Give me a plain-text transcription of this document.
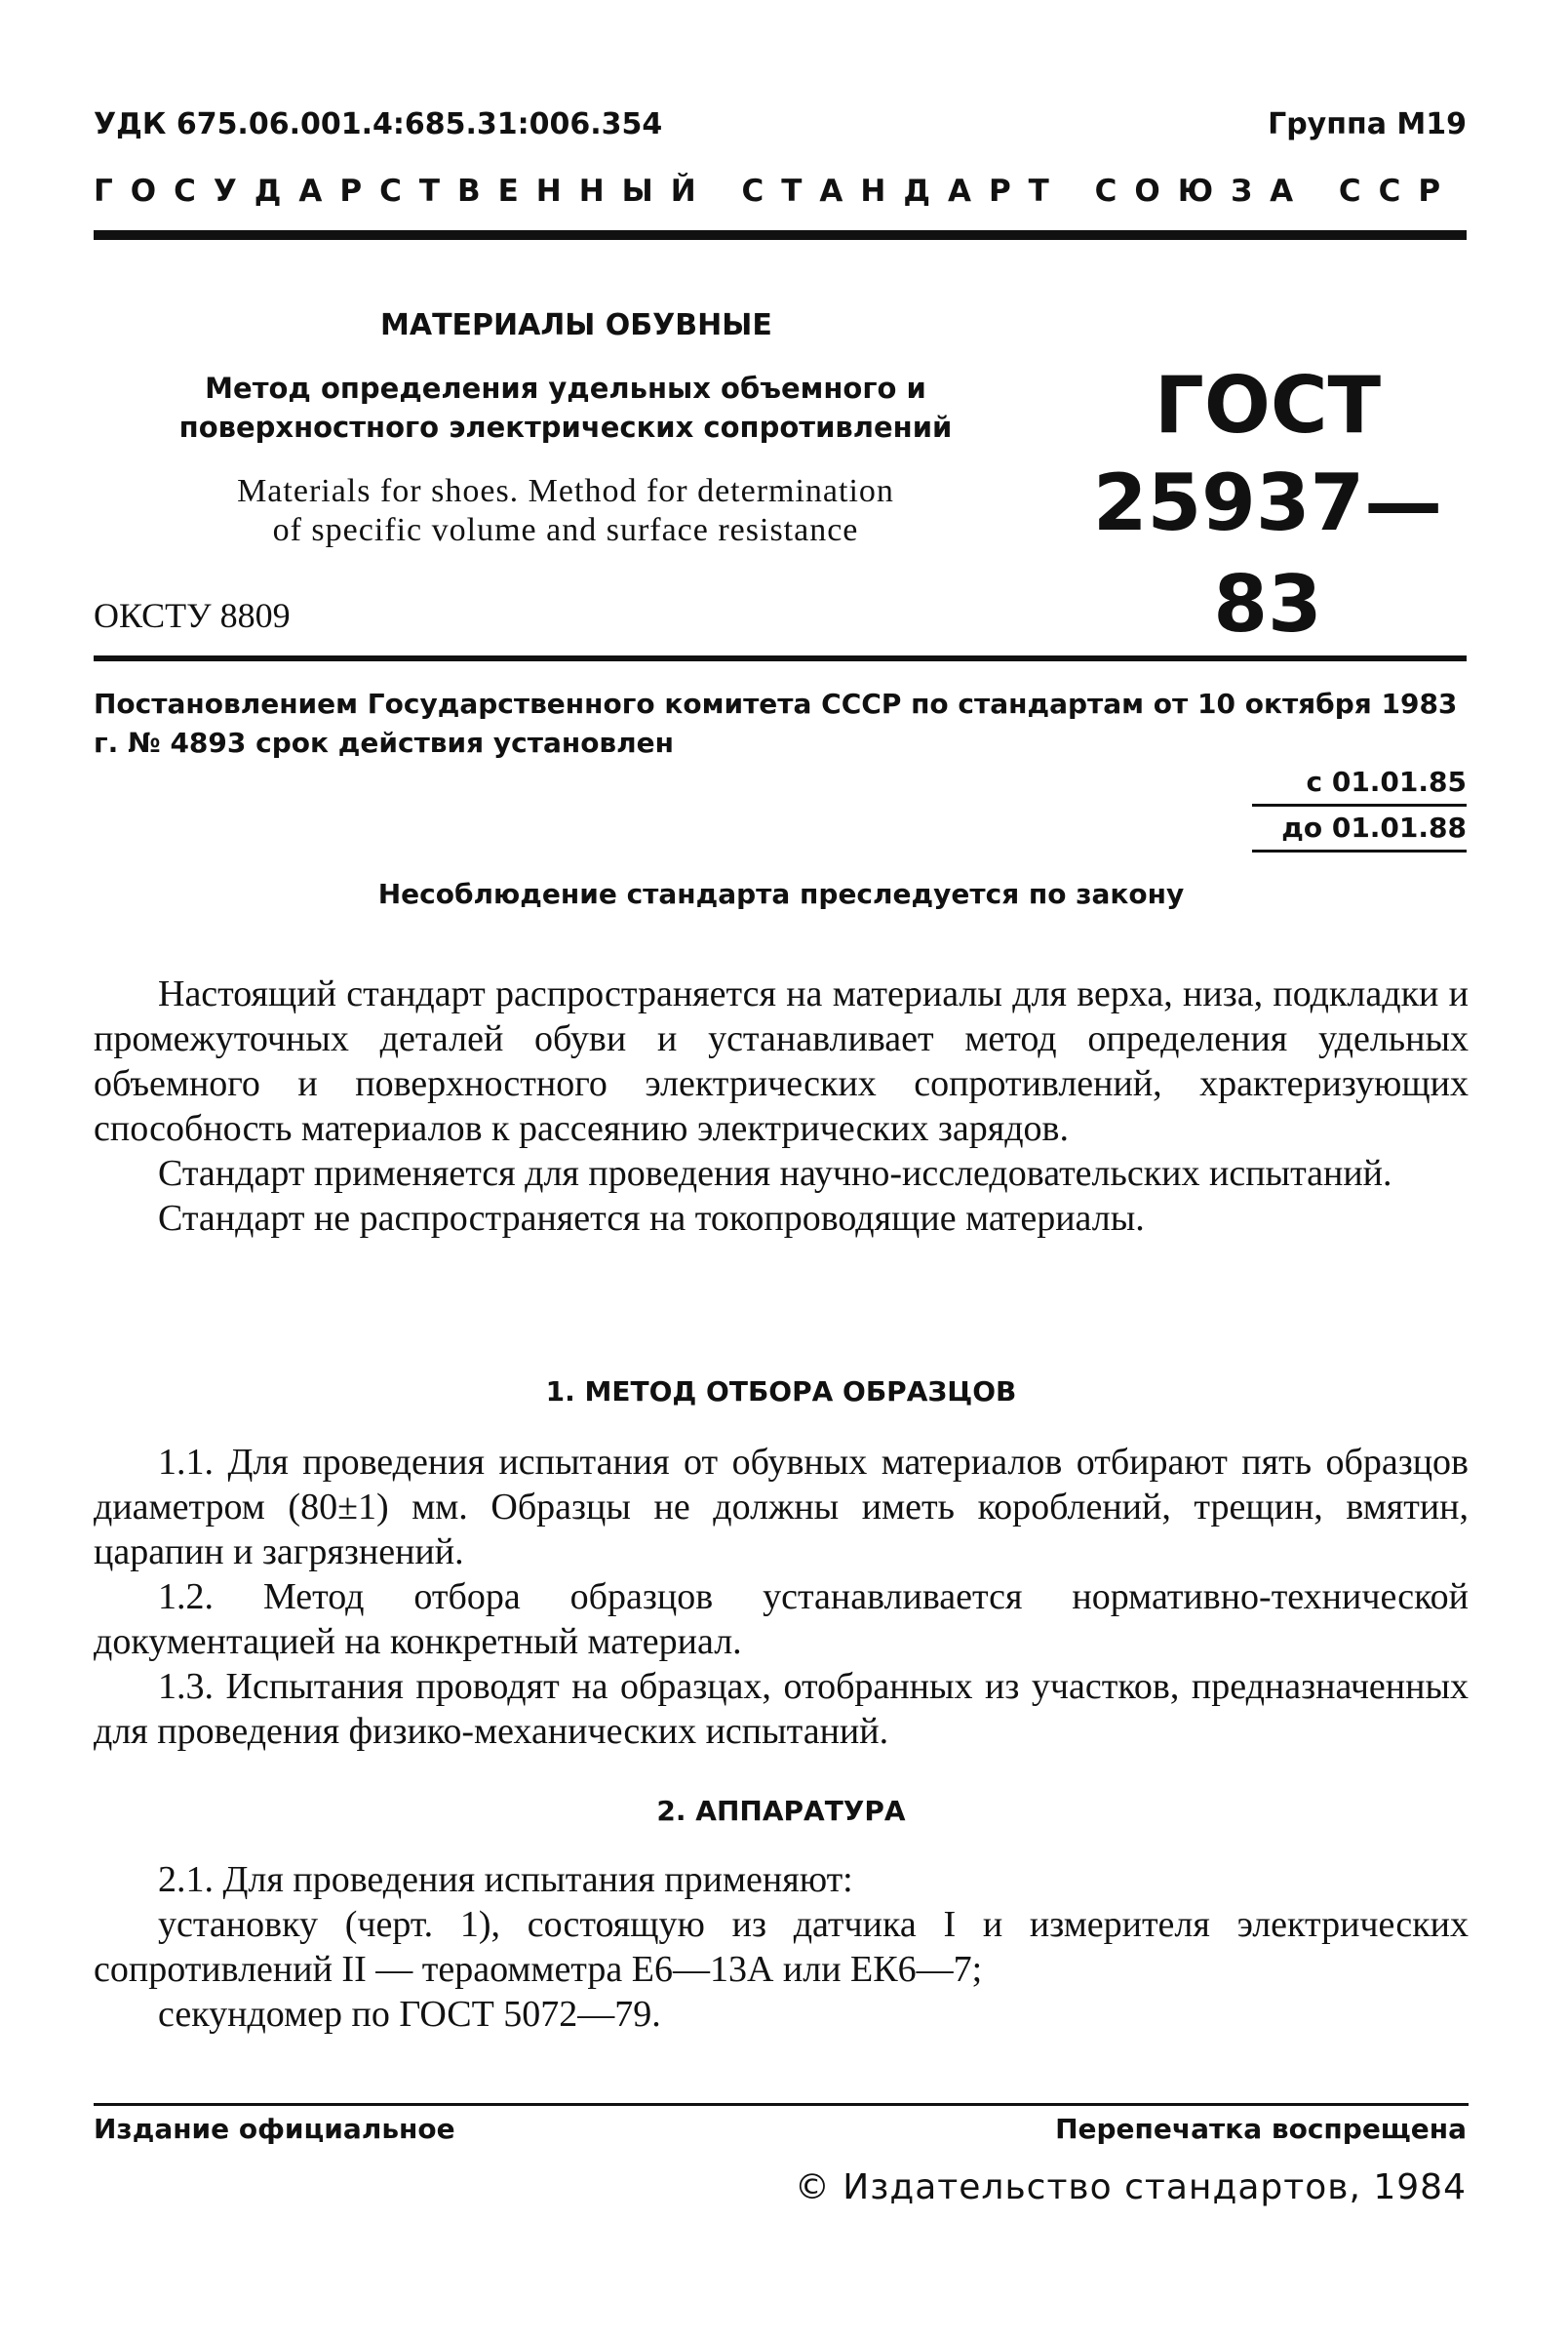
УДК 675.06.001.4:685.31:006.354	Группа М19
ГОСУДАРСТВЕННЫЙ СТАНДАРТ СОЮЗА ССР
МАТЕРИАЛЫ ОБУВНЫЕ
Метод определения удельных объемного и
поверхностного электрических сопротивлений
Materials for shoes. Method for determination
of specific volume and surface resistance
ГОСТ
25937—83
ОКСТУ 8809
Постановлением Государственного комитета СССР по стандартам от 10 октября 1983 г. № 4893 срок действия установлен
с 01.01.85
до 01.01.88
Несоблюдение стандарта преследуется по закону

Настоящий стандарт распространяется на материалы для верха, низа, подкладки и промежуточных деталей обуви и устанавливает метод определения удельных объемного и поверхностного электрических сопротивлений, храктеризующих способность материалов к рассеянию электрических зарядов.

Стандарт применяется для проведения научно-исследовательских испытаний.

Стандарт не распространяется на токопроводящие материалы.

1. МЕТОД ОТБОРА ОБРАЗЦОВ

1.1. Для проведения испытания от обувных материалов отбирают пять образцов диаметром (80±1) мм. Образцы не должны иметь короблений, трещин, вмятин, царапин и загрязнений.

1.2. Метод отбора образцов устанавливается нормативно-технической документацией на конкретный материал.

1.3. Испытания проводят на образцах, отобранных из участков, предназначенных для проведения физико-механических испытаний.

2. АППАРАТУРА

2.1. Для проведения испытания применяют:

установку (черт. 1), состоящую из датчика I и измерителя электрических сопротивлений II — тераомметра Е6—13А или ЕК6—7;

секундомер по ГОСТ 5072—79.

Издание официальное	Перепечатка воспрещена
© Издательство стандартов, 1984
